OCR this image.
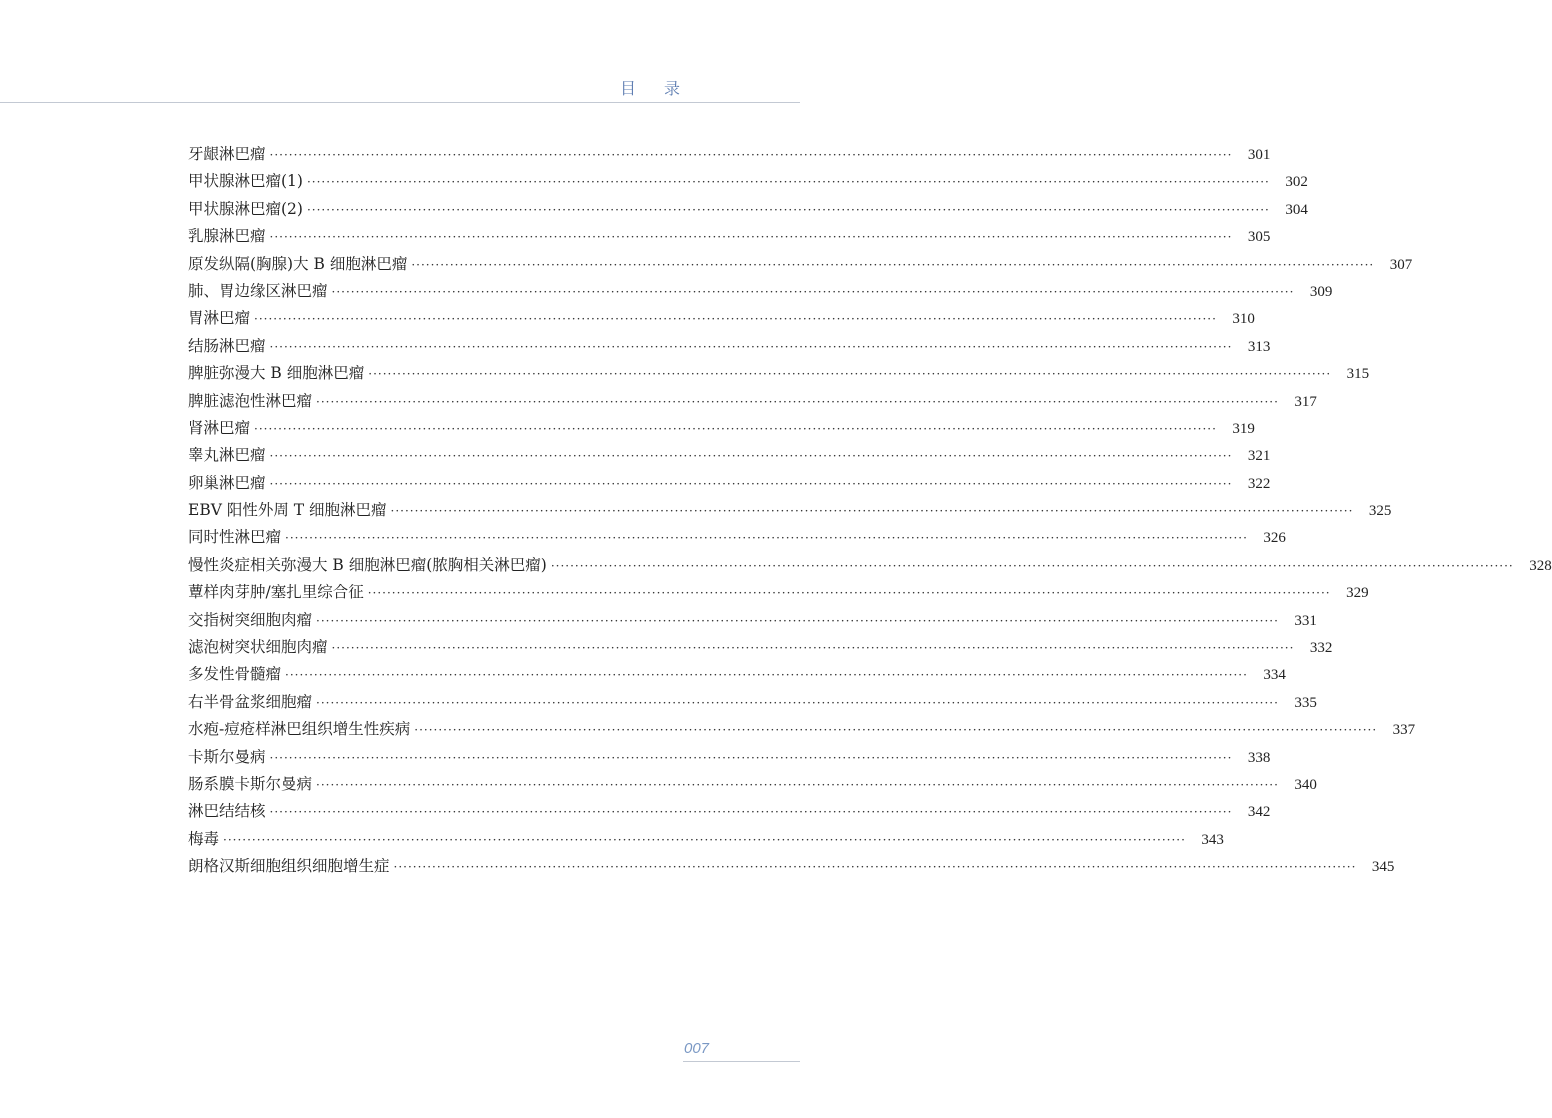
目录
牙龈淋巴瘤 ········································································································································································································	301
甲状腺淋巴瘤(1) ········································································································································································································	302
甲状腺淋巴瘤(2) ········································································································································································································	304
乳腺淋巴瘤 ········································································································································································································	305
原发纵隔(胸腺)大 B 细胞淋巴瘤 ········································································································································································································	307
肺、胃边缘区淋巴瘤 ········································································································································································································	309
胃淋巴瘤 ········································································································································································································	310
结肠淋巴瘤 ········································································································································································································	313
脾脏弥漫大 B 细胞淋巴瘤 ········································································································································································································	315
脾脏滤泡性淋巴瘤 ········································································································································································································	317
肾淋巴瘤 ········································································································································································································	319
睾丸淋巴瘤 ········································································································································································································	321
卵巢淋巴瘤 ········································································································································································································	322
EBV 阳性外周 T 细胞淋巴瘤 ········································································································································································································	325
同时性淋巴瘤 ········································································································································································································	326
慢性炎症相关弥漫大 B 细胞淋巴瘤(脓胸相关淋巴瘤) ········································································································································································································	328
蕈样肉芽肿/塞扎里综合征 ········································································································································································································	329
交指树突细胞肉瘤 ········································································································································································································	331
滤泡树突状细胞肉瘤 ········································································································································································································	332
多发性骨髓瘤 ········································································································································································································	334
右半骨盆浆细胞瘤 ········································································································································································································	335
水疱-痘疮样淋巴组织增生性疾病 ········································································································································································································	337
卡斯尔曼病 ········································································································································································································	338
肠系膜卡斯尔曼病 ········································································································································································································	340
淋巴结结核 ········································································································································································································	342
梅毒 ········································································································································································································	343
朗格汉斯细胞组织细胞增生症 ········································································································································································································	345
007
